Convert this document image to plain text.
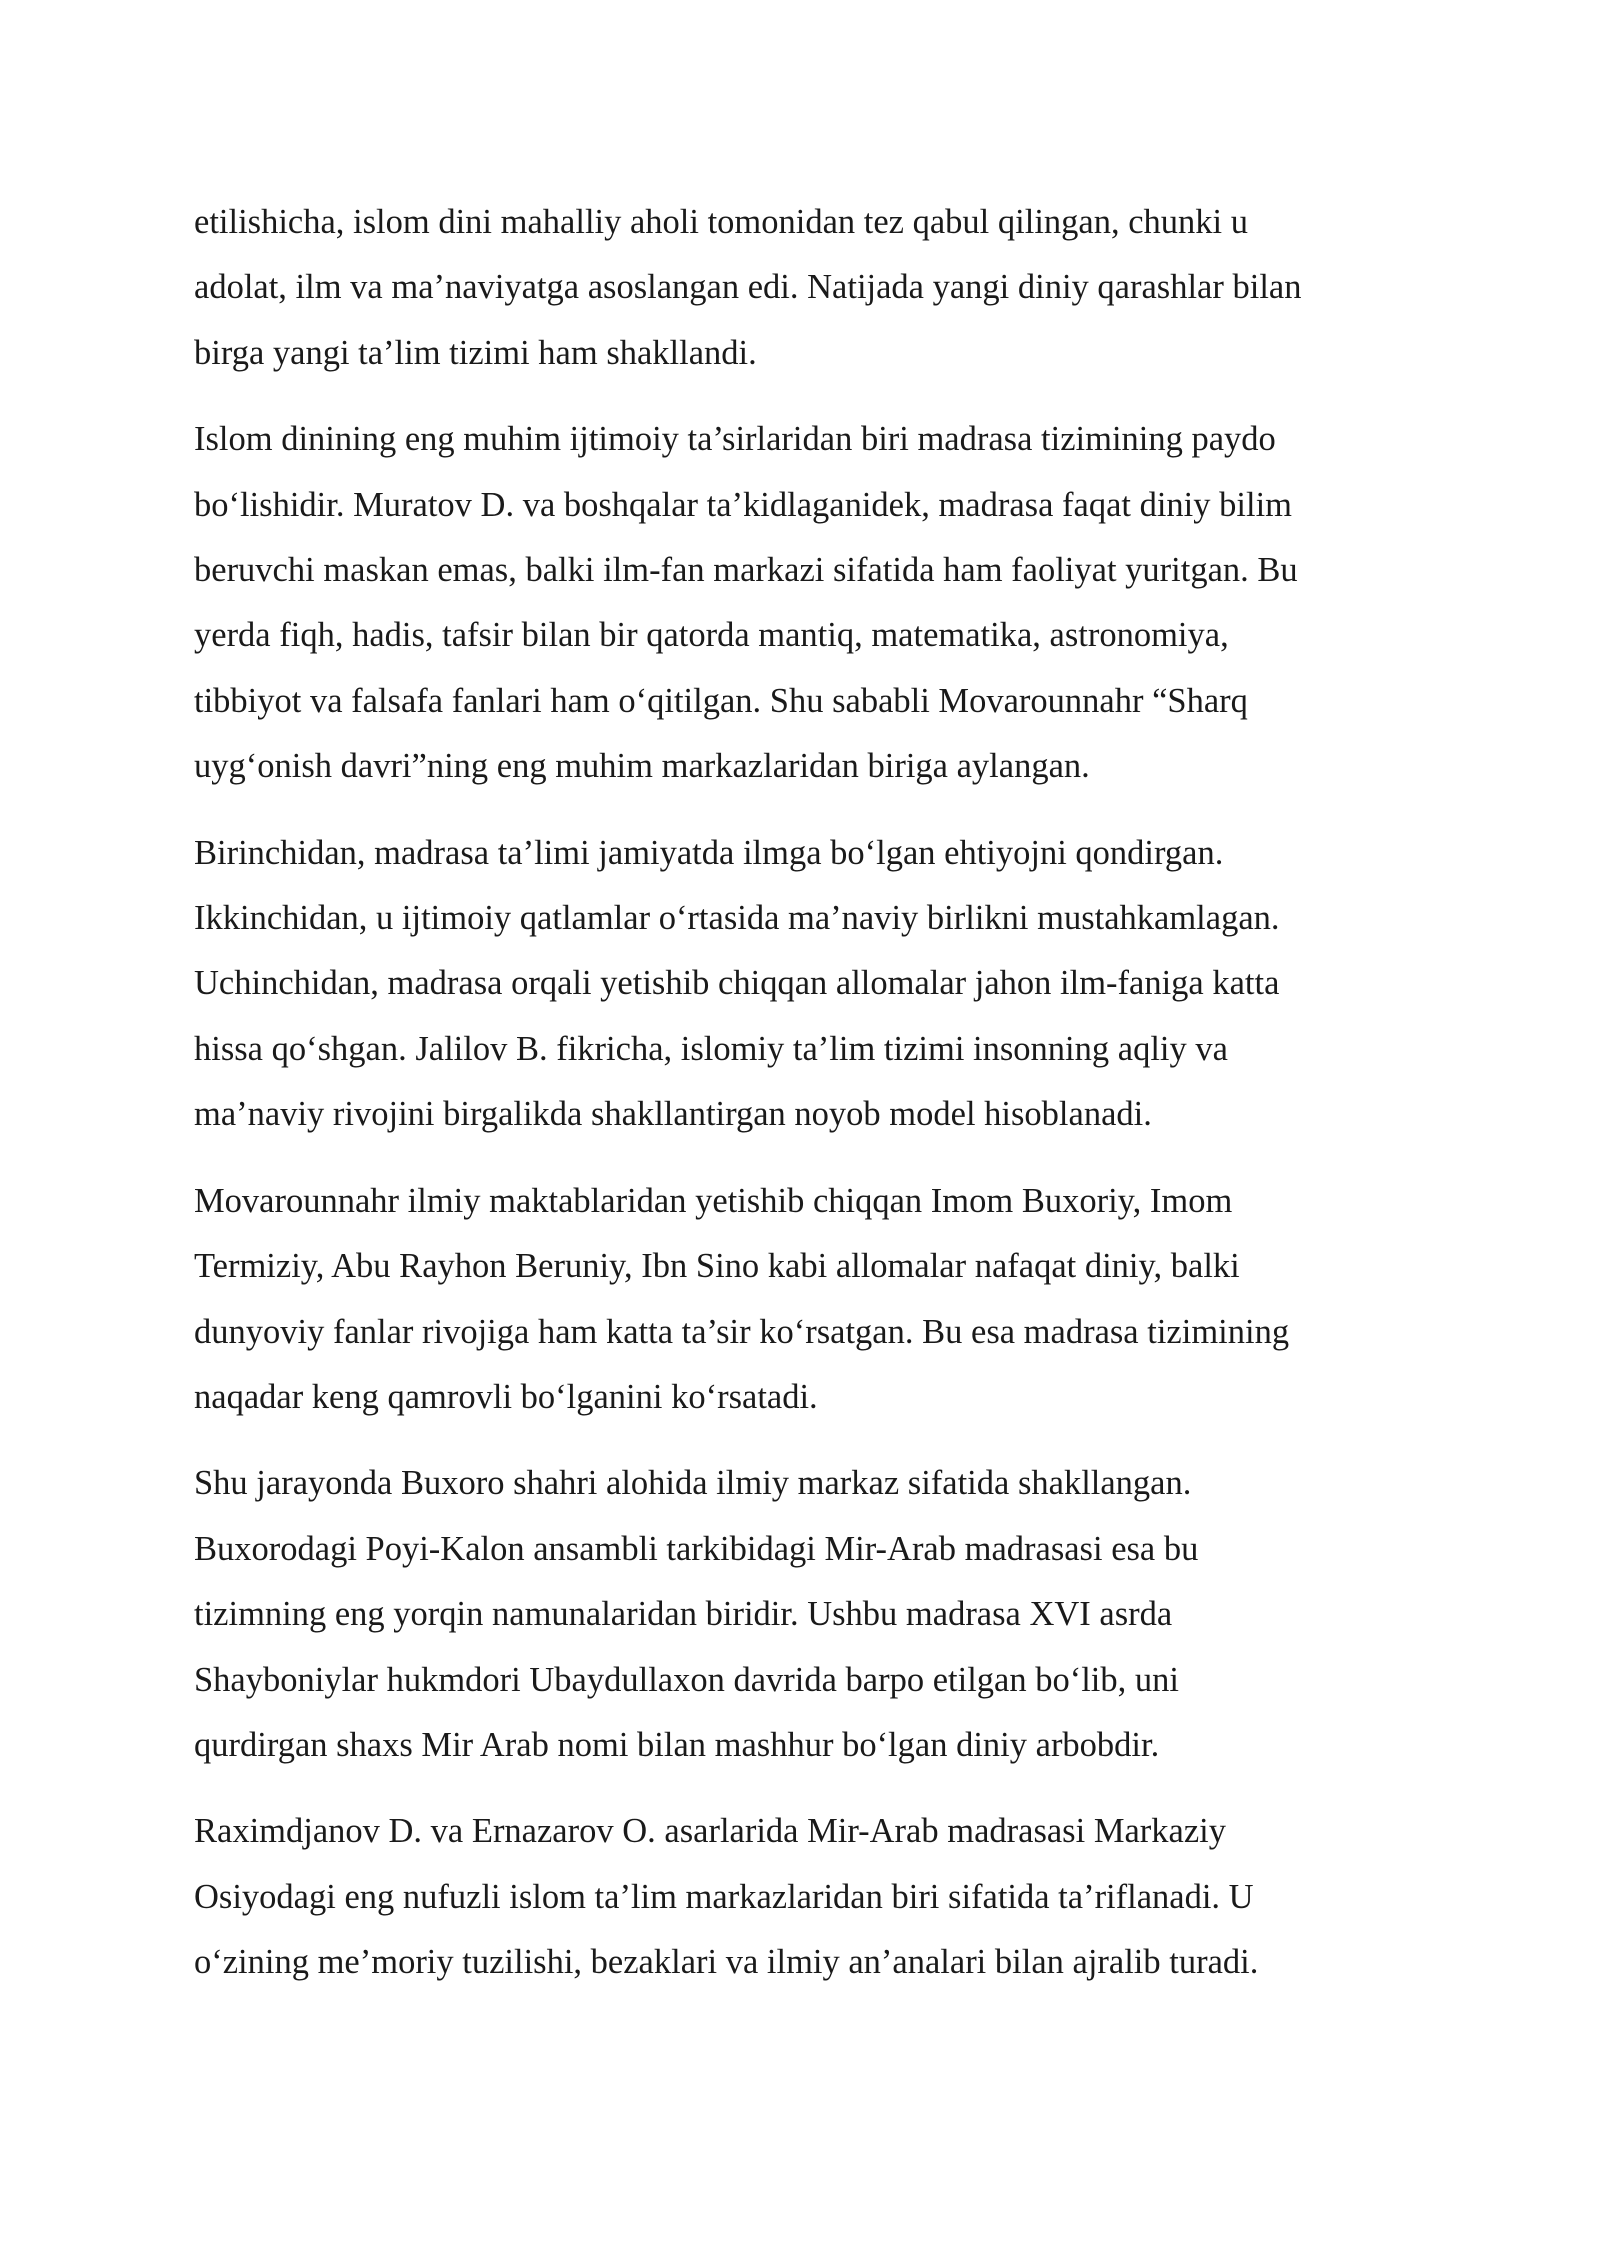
etilishicha, islom dini mahalliy aholi tomonidan tez qabul qilingan, chunki u
adolat, ilm va ma’naviyatga asoslangan edi. Natijada yangi diniy qarashlar bilan
birga yangi ta’lim tizimi ham shakllandi.

Islom dinining eng muhim ijtimoiy ta’sirlaridan biri madrasa tizimining paydo
bo‘lishidir. Muratov D. va boshqalar ta’kidlaganidek, madrasa faqat diniy bilim
beruvchi maskan emas, balki ilm-fan markazi sifatida ham faoliyat yuritgan. Bu
yerda fiqh, hadis, tafsir bilan bir qatorda mantiq, matematika, astronomiya,
tibbiyot va falsafa fanlari ham o‘qitilgan. Shu sababli Movarounnahr “Sharq
uyg‘onish davri”ning eng muhim markazlaridan biriga aylangan.

Birinchidan, madrasa ta’limi jamiyatda ilmga bo‘lgan ehtiyojni qondirgan.
Ikkinchidan, u ijtimoiy qatlamlar o‘rtasida ma’naviy birlikni mustahkamlagan.
Uchinchidan, madrasa orqali yetishib chiqqan allomalar jahon ilm-faniga katta
hissa qo‘shgan. Jalilov B. fikricha, islomiy ta’lim tizimi insonning aqliy va
ma’naviy rivojini birgalikda shakllantirgan noyob model hisoblanadi.

Movarounnahr ilmiy maktablaridan yetishib chiqqan Imom Buxoriy, Imom
Termiziy, Abu Rayhon Beruniy, Ibn Sino kabi allomalar nafaqat diniy, balki
dunyoviy fanlar rivojiga ham katta ta’sir ko‘rsatgan. Bu esa madrasa tizimining
naqadar keng qamrovli bo‘lganini ko‘rsatadi.

Shu jarayonda Buxoro shahri alohida ilmiy markaz sifatida shakllangan.
Buxorodagi Poyi-Kalon ansambli tarkibidagi Mir-Arab madrasasi esa bu
tizimning eng yorqin namunalaridan biridir. Ushbu madrasa XVI asrda
Shayboniylar hukmdori Ubaydullaxon davrida barpo etilgan bo‘lib, uni
qurdirgan shaxs Mir Arab nomi bilan mashhur bo‘lgan diniy arbobdir.

Raximdjanov D. va Ernazarov O. asarlarida Mir-Arab madrasasi Markaziy
Osiyodagi eng nufuzli islom ta’lim markazlaridan biri sifatida ta’riflanadi. U
o‘zining me’moriy tuzilishi, bezaklari va ilmiy an’analari bilan ajralib turadi.
